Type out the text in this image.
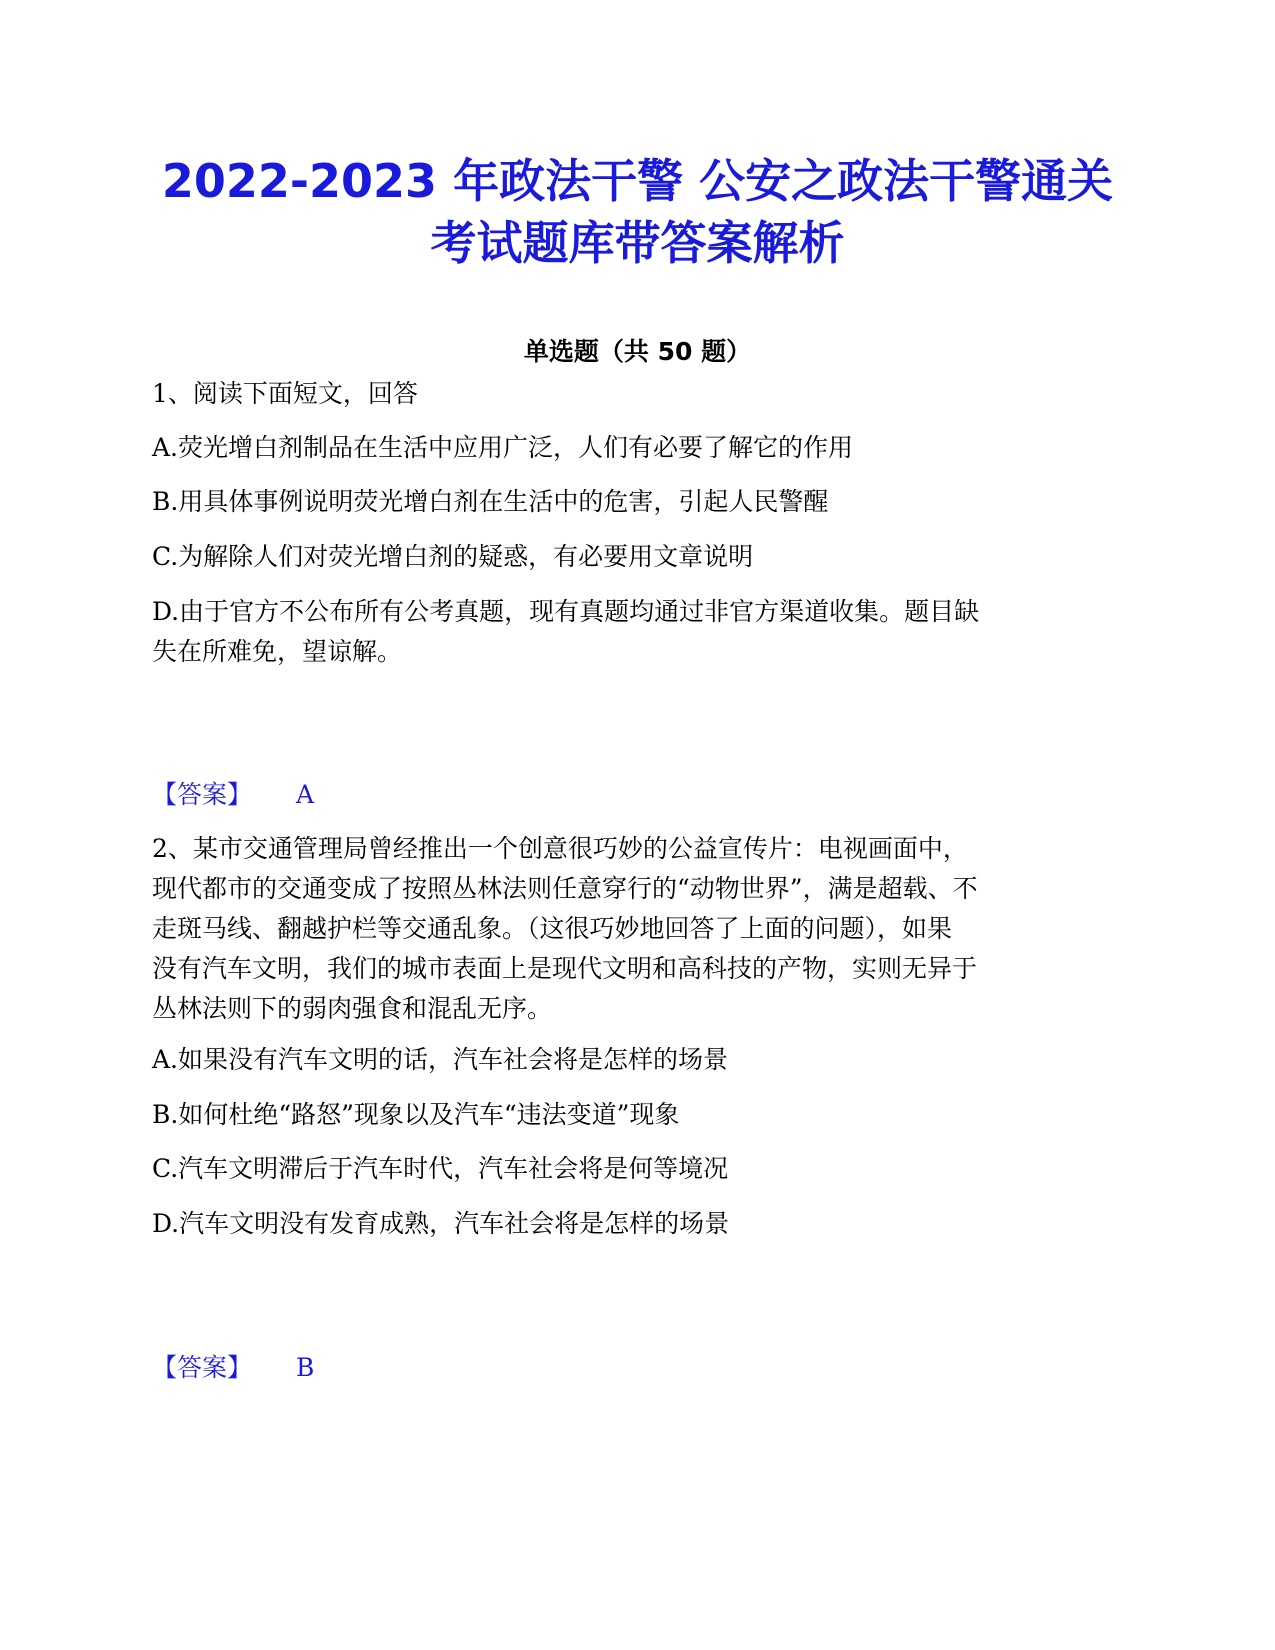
2022-2023 年政法干警 公安之政法干警通关
考试题库带答案解析
单选题（共 50 题）

1、阅读下面短文，回答

A.荧光增白剂制品在生活中应用广泛，人们有必要了解它的作用

B.用具体事例说明荧光增白剂在生活中的危害，引起人民警醒

C.为解除人们对荧光增白剂的疑惑，有必要用文章说明

D.由于官方不公布所有公考真题，现有真题均通过非官方渠道收集。题目缺

失在所难免，望谅解。

【答案】 A

2、某市交通管理局曾经推出一个创意很巧妙的公益宣传片：电视画面中，

现代都市的交通变成了按照丛林法则任意穿行的“动物世界”，满是超载、不

走斑马线、翻越护栏等交通乱象。（这很巧妙地回答了上面的问题），如果

没有汽车文明，我们的城市表面上是现代文明和高科技的产物，实则无异于

丛林法则下的弱肉强食和混乱无序。

A.如果没有汽车文明的话，汽车社会将是怎样的场景

B.如何杜绝“路怒”现象以及汽车“违法变道”现象

C.汽车文明滞后于汽车时代，汽车社会将是何等境况

D.汽车文明没有发育成熟，汽车社会将是怎样的场景

【答案】 B
